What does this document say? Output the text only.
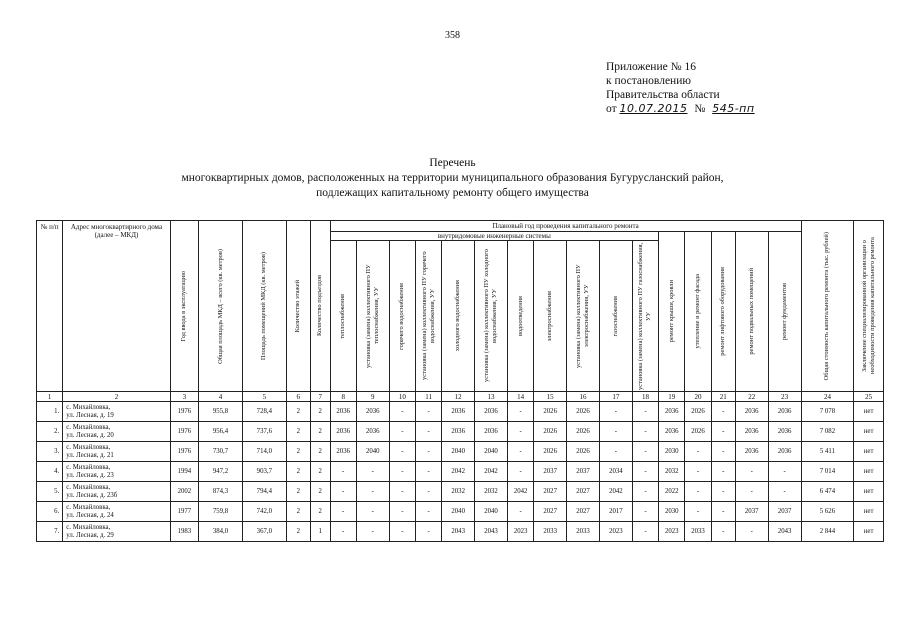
358
Приложение № 16
к постановлению
Правительства области
от 10.07.2015 № 545-пп
Перечень
многоквартирных домов, расположенных на территории муниципального образования Бугурусланский район,
подлежащих капитальному ремонту общего имущества
№ п/п	Адрес многоквартирного дома (далее – МКД)	Год ввода в эксплуатацию	Общая площадь МКД – всего (кв. метров)	Площадь помещений МКД (кв. метров)	Количество этажей	Количество подъездов	Плановый год проведения капитального ремонта																Общая стоимость капитального ремонта (тыс. рублей)	Заключение специализированной организации о необходимости проведения капитального ремонта

							внутридомовые инженерные системы											ремонт крыши, кровли	утепление и ремонт фасада	ремонт лифтового оборудования	ремонт подвальных помещений	ремонт фундаментов		

							теплоснабжения	установка (замена) коллективного ПУ теплоснабжения, УУ	горячего водоснабжения	установка (замена) коллективного ПУ горячего водоснабжения, УУ	холодного водоснабжения	установка (замена) коллективного ПУ холодного водоснабжения, УУ	водоотведения	электроснабжения	установка (замена) коллективного ПУ электроснабжения, УУ	газоснабжения	установка (замена) коллективного ПУ газоснабжения, УУ							

1	2	3	4	5	6	7	8	9	10	11	12	13	14	15	16	17	18	19	20	21	22	23	24	25
1.	с. Михайловка,
ул. Лесная, д. 19	1976	955,8	728,4	2	2	2036	2036	-	-	2036	2036	-	2026	2026	-	-	2036	2026	-	2036	2036	7 078	нет
2.	с. Михайловка,
ул. Лесная, д. 20	1976	956,4	737,6	2	2	2036	2036	-	-	2036	2036	-	2026	2026	-	-	2036	2026	-	2036	2036	7 082	нет
3.	с. Михайловка,
ул. Лесная, д. 21	1976	730,7	714,0	2	2	2036	2040	-	-	2040	2040	-	2026	2026	-	-	2030	-	-	2036	2036	5 411	нет
4.	с. Михайловка,
ул. Лесная, д. 23	1994	947,2	903,7	2	2	-	-	-	-	2042	2042	-	2037	2037	2034	-	2032	-	-	-	-	7 014	нет
5.	с. Михайловка,
ул. Лесная, д. 23б	2002	874,3	794,4	2	2	-	-	-	-	2032	2032	2042	2027	2027	2042	-	2022	-	-	-	-	6 474	нет
6.	с. Михайловка,
ул. Лесная, д. 24	1977	759,8	742,0	2	2	-	-	-	-	2040	2040	-	2027	2027	2017	-	2030	-	-	2037	2037	5 626	нет
7.	с. Михайловка,
ул. Лесная, д. 29	1983	384,0	367,0	2	1	-	-	-	-	2043	2043	2023	2033	2033	2023	-	2023	2033	-	-	2043	2 844	нет
